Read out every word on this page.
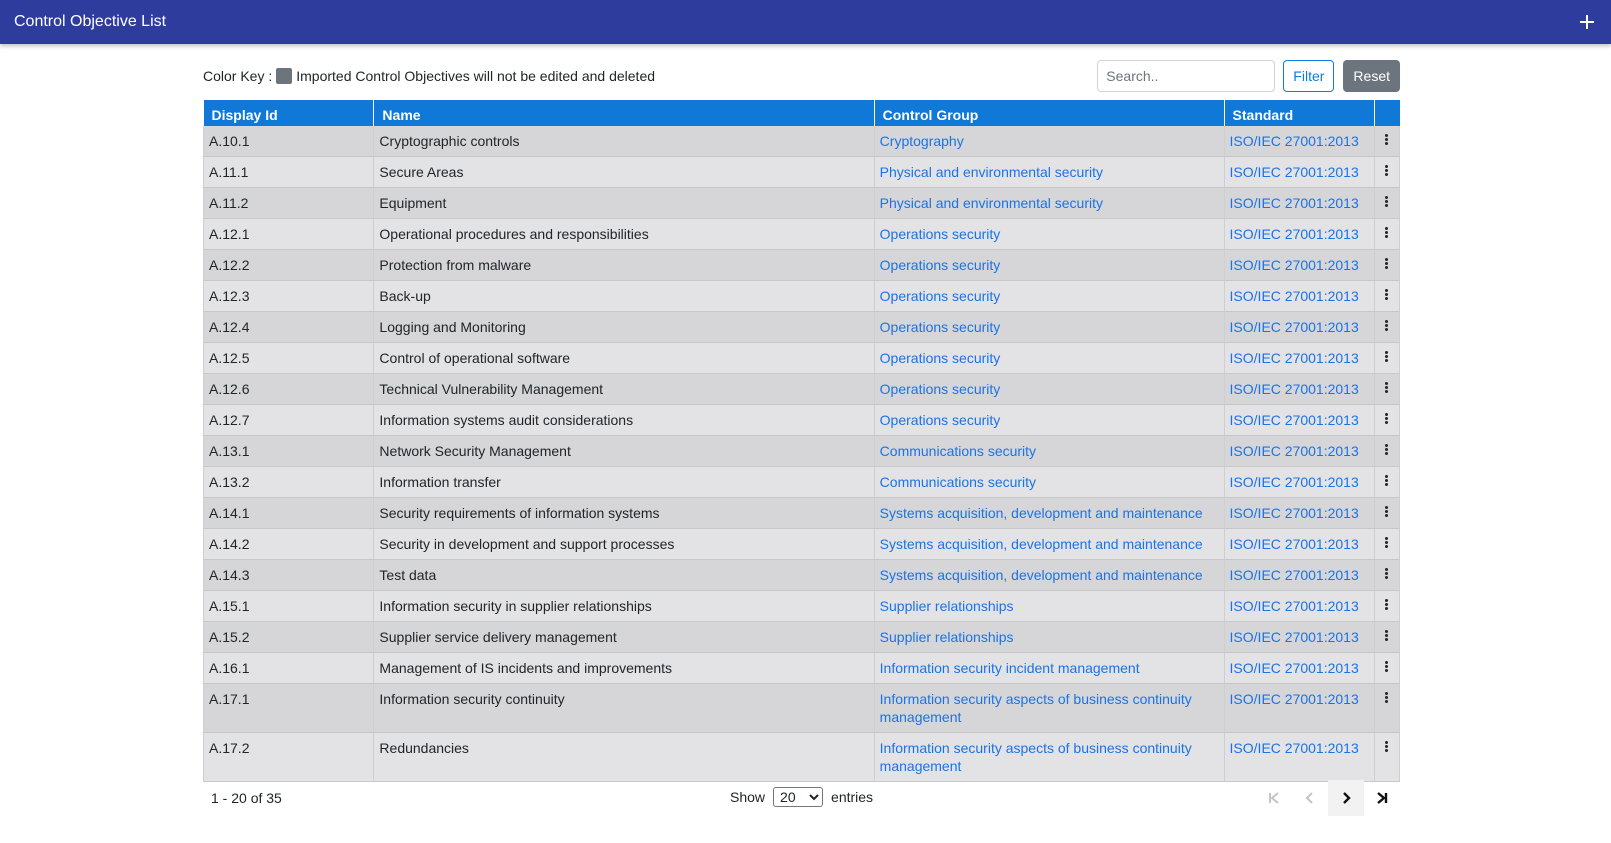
Control Objective List
Color Key : Imported Control Objectives will not be edited and deleted
Search..	Filter	Reset
Display Id	Name	Control Group	Standard	
A.10.1	Cryptographic controls	Cryptography	ISO/IEC 27001:2013	

A.11.1	Secure Areas	Physical and environmental security	ISO/IEC 27001:2013	

A.11.2	Equipment	Physical and environmental security	ISO/IEC 27001:2013	

A.12.1	Operational procedures and responsibilities	Operations security	ISO/IEC 27001:2013	

A.12.2	Protection from malware	Operations security	ISO/IEC 27001:2013	

A.12.3	Back-up	Operations security	ISO/IEC 27001:2013	

A.12.4	Logging and Monitoring	Operations security	ISO/IEC 27001:2013	

A.12.5	Control of operational software	Operations security	ISO/IEC 27001:2013	

A.12.6	Technical Vulnerability Management	Operations security	ISO/IEC 27001:2013	

A.12.7	Information systems audit considerations	Operations security	ISO/IEC 27001:2013	

A.13.1	Network Security Management	Communications security	ISO/IEC 27001:2013	

A.13.2	Information transfer	Communications security	ISO/IEC 27001:2013	

A.14.1	Security requirements of information systems	Systems acquisition, development and maintenance	ISO/IEC 27001:2013	

A.14.2	Security in development and support processes	Systems acquisition, development and maintenance	ISO/IEC 27001:2013	

A.14.3	Test data	Systems acquisition, development and maintenance	ISO/IEC 27001:2013	

A.15.1	Information security in supplier relationships	Supplier relationships	ISO/IEC 27001:2013	

A.15.2	Supplier service delivery management	Supplier relationships	ISO/IEC 27001:2013	

A.16.1	Management of IS incidents and improvements	Information security incident management	ISO/IEC 27001:2013	

A.17.1	Information security continuity	Information security aspects of business continuity management	ISO/IEC 27001:2013	

A.17.2	Redundancies	Information security aspects of business continuity management	ISO/IEC 27001:2013	
1 - 20 of 35	Show
20	entries
